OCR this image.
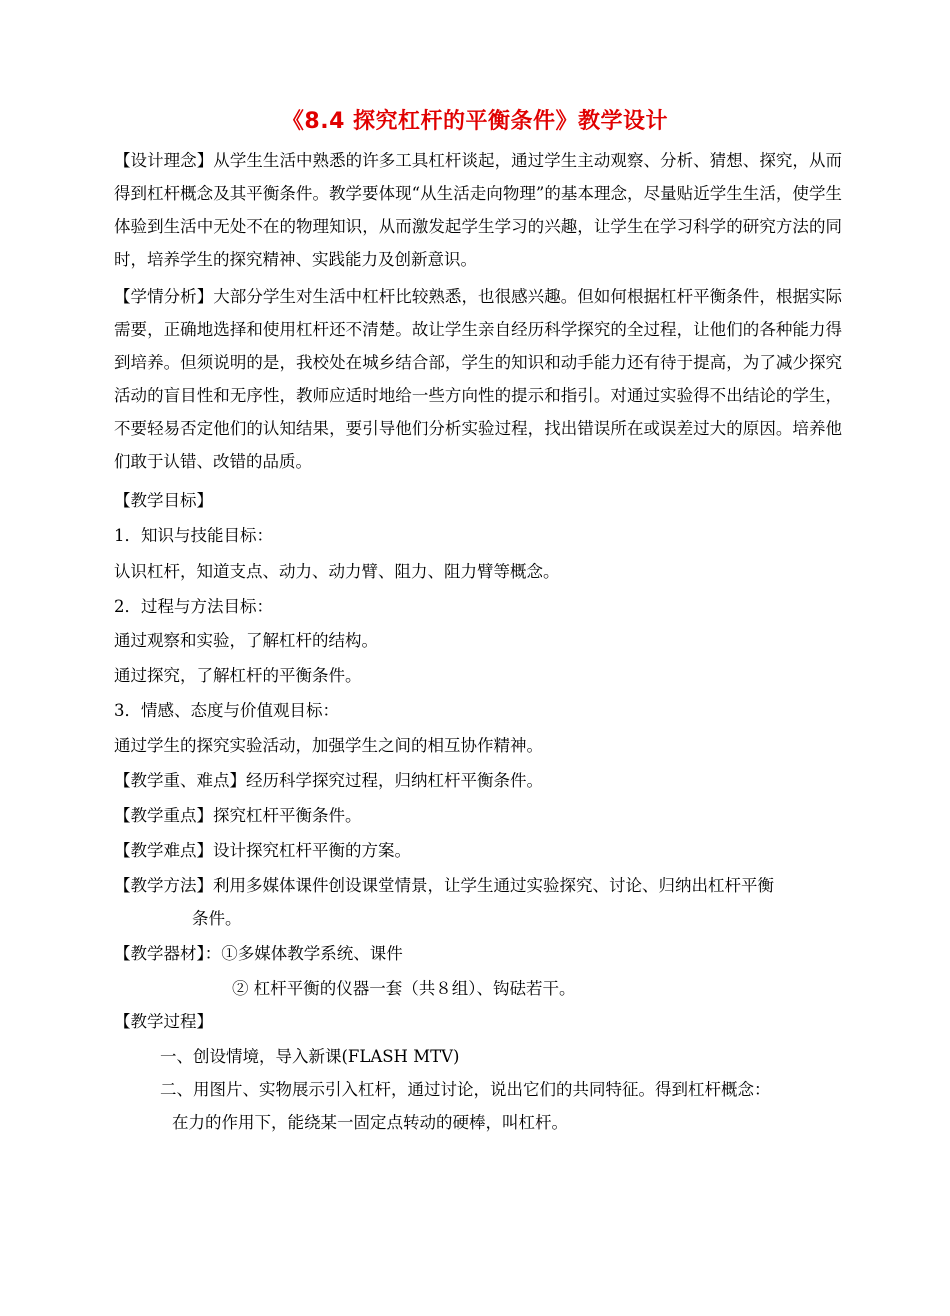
《8.4 探究杠杆的平衡条件》教学设计

【设计理念】从学生生活中熟悉的许多工具杠杆谈起，通过学生主动观察、分析、猜想、探究，从而得到杠杆概念及其平衡条件。教学要体现“从生活走向物理”的基本理念，尽量贴近学生生活，使学生体验到生活中无处不在的物理知识，从而激发起学生学习的兴趣，让学生在学习科学的研究方法的同时，培养学生的探究精神、实践能力及创新意识。

【学情分析】大部分学生对生活中杠杆比较熟悉，也很感兴趣。但如何根据杠杆平衡条件，根据实际需要，正确地选择和使用杠杆还不清楚。故让学生亲自经历科学探究的全过程，让他们的各种能力得到培养。但须说明的是，我校处在城乡结合部，学生的知识和动手能力还有待于提高，为了减少探究活动的盲目性和无序性，教师应适时地给一些方向性的提示和指引。对通过实验得不出结论的学生，不要轻易否定他们的认知结果，要引导他们分析实验过程，找出错误所在或误差过大的原因。培养他们敢于认错、改错的品质。

【教学目标】

1．知识与技能目标：

认识杠杆，知道支点、动力、动力臂、阻力、阻力臂等概念。

2．过程与方法目标：

通过观察和实验，了解杠杆的结构。

通过探究，了解杠杆的平衡条件。

3．情感、态度与价值观目标：

通过学生的探究实验活动，加强学生之间的相互协作精神。

【教学重、难点】经历科学探究过程，归纳杠杆平衡条件。

【教学重点】探究杠杆平衡条件。

【教学难点】设计探究杠杆平衡的方案。

【教学方法】利用多媒体课件创设课堂情景，让学生通过实验探究、讨论、归纳出杠杆平衡

条件。

【教学器材】：①多媒体教学系统、课件

② 杠杆平衡的仪器一套（共８组）、钩砝若干。

【教学过程】

一、创设情境，导入新课(FLASH MTV)

二、用图片、实物展示引入杠杆，通过讨论，说出它们的共同特征。得到杠杆概念：

在力的作用下，能绕某一固定点转动的硬棒，叫杠杆。
